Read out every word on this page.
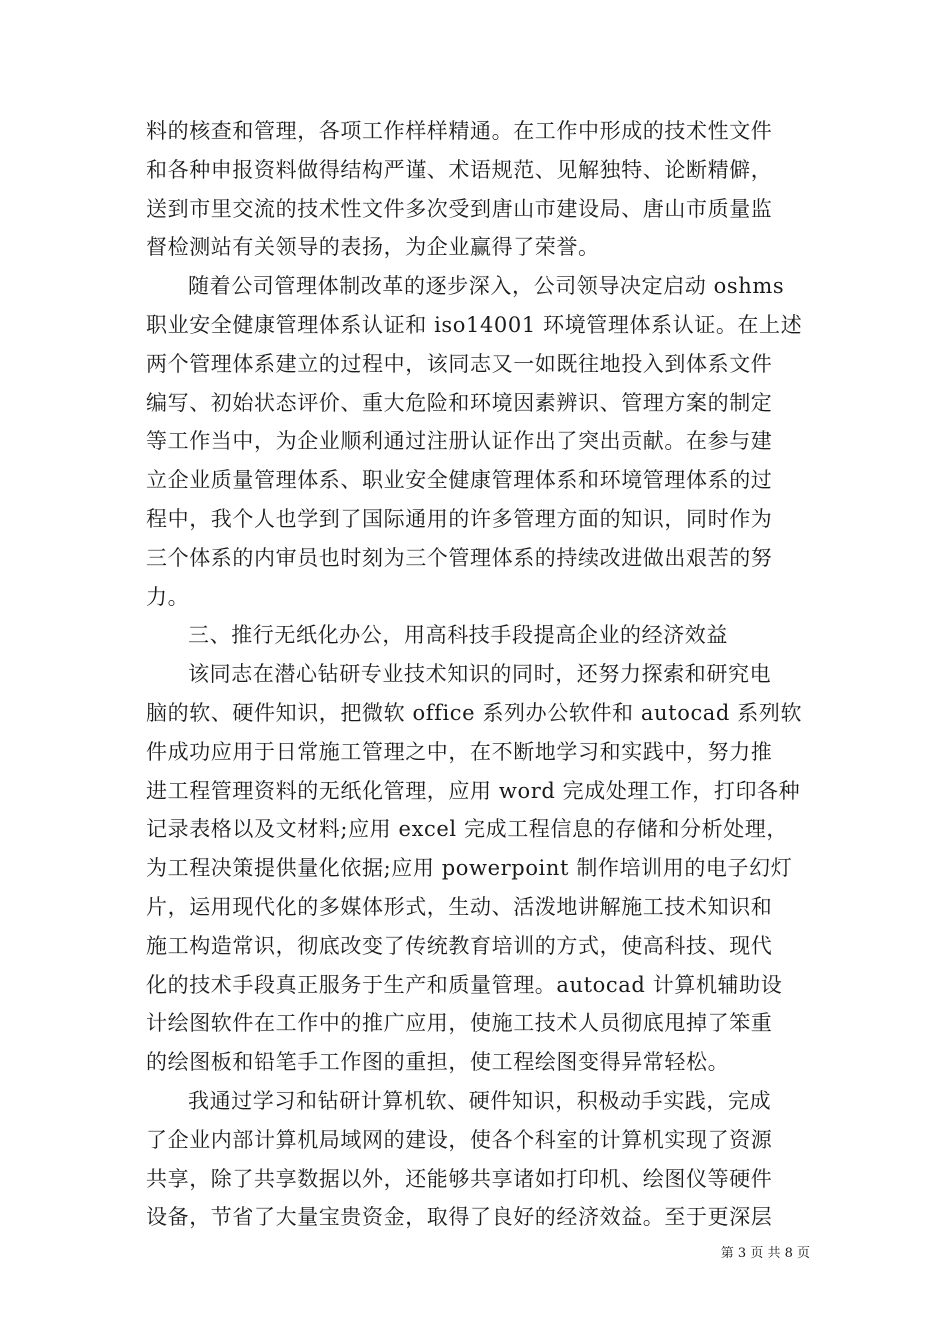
料的核查和管理，各项工作样样精通。在工作中形成的技术性文件
和各种申报资料做得结构严谨、术语规范、见解独特、论断精僻，
送到市里交流的技术性文件多次受到唐山市建设局、唐山市质量监
督检测站有关领导的表扬，为企业赢得了荣誉。
随着公司管理体制改革的逐步深入，公司领导决定启动 oshms
职业安全健康管理体系认证和 iso14001 环境管理体系认证。在上述
两个管理体系建立的过程中，该同志又一如既往地投入到体系文件
编写、初始状态评价、重大危险和环境因素辨识、管理方案的制定
等工作当中，为企业顺利通过注册认证作出了突出贡献。在参与建
立企业质量管理体系、职业安全健康管理体系和环境管理体系的过
程中，我个人也学到了国际通用的许多管理方面的知识，同时作为
三个体系的内审员也时刻为三个管理体系的持续改进做出艰苦的努
力。
三、推行无纸化办公，用高科技手段提高企业的经济效益
该同志在潜心钻研专业技术知识的同时，还努力探索和研究电
脑的软、硬件知识，把微软 office 系列办公软件和 autocad 系列软
件成功应用于日常施工管理之中，在不断地学习和实践中，努力推
进工程管理资料的无纸化管理，应用 word 完成处理工作，打印各种
记录表格以及文材料;应用 excel 完成工程信息的存储和分析处理，
为工程决策提供量化依据;应用 powerpoint 制作培训用的电子幻灯
片，运用现代化的多媒体形式，生动、活泼地讲解施工技术知识和
施工构造常识，彻底改变了传统教育培训的方式，使高科技、现代
化的技术手段真正服务于生产和质量管理。autocad 计算机辅助设
计绘图软件在工作中的推广应用，使施工技术人员彻底甩掉了笨重
的绘图板和铅笔手工作图的重担，使工程绘图变得异常轻松。
我通过学习和钻研计算机软、硬件知识，积极动手实践，完成
了企业内部计算机局域网的建设，使各个科室的计算机实现了资源
共享，除了共享数据以外，还能够共享诸如打印机、绘图仪等硬件
设备，节省了大量宝贵资金，取得了良好的经济效益。至于更深层
第 3 页 共 8 页
